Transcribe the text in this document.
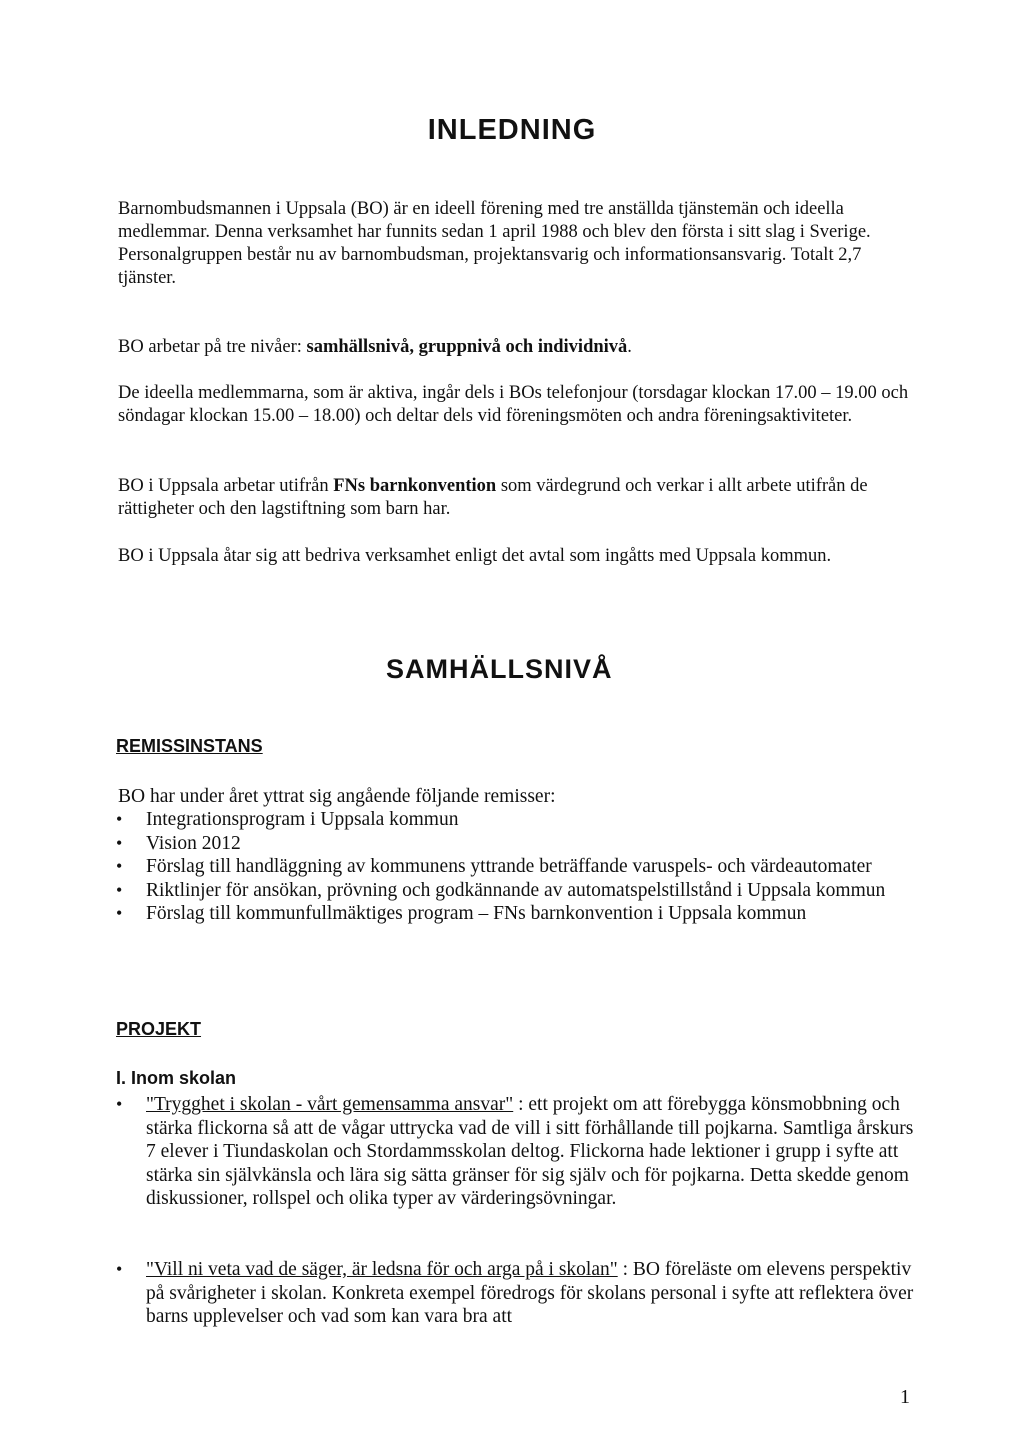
INLEDNING

Barnombudsmannen i Uppsala (BO) är en ideell förening med tre anställda tjänstemän och ideella medlemmar. Denna verksamhet har funnits sedan 1 april 1988 och blev den första i sitt slag i Sverige. Personalgruppen består nu av barnombudsman, projektansvarig och informationsansvarig. Totalt 2,7 tjänster.

BO arbetar på tre nivåer: samhällsnivå, gruppnivå och individnivå.

De ideella medlemmarna, som är aktiva, ingår dels i BOs telefonjour (torsdagar klockan 17.00 – 19.00 och söndagar klockan 15.00 – 18.00) och deltar dels vid föreningsmöten och andra föreningsaktiviteter.

BO i Uppsala arbetar utifrån FNs barnkonvention som värdegrund och verkar i allt arbete utifrån de rättigheter och den lagstiftning som barn har.

BO i Uppsala åtar sig att bedriva verksamhet enligt det avtal som ingåtts med Uppsala kommun.

SAMHÄLLSNIVÅ
REMISSINSTANS

BO har under året yttrat sig angående följande remisser:

• Integrationsprogram i Uppsala kommun
• Vision 2012
• Förslag till handläggning av kommunens yttrande beträffande varuspels- och värdeautomater
• Riktlinjer för ansökan, prövning och godkännande av automatspelstillstånd i Uppsala kommun
• Förslag till kommunfullmäktiges program – FNs barnkonvention i Uppsala kommun
PROJEKT
I. Inom skolan
• "Trygghet i skolan - vårt gemensamma ansvar" : ett projekt om att förebygga könsmobbning och stärka flickorna så att de vågar uttrycka vad de vill i sitt förhållande till pojkarna. Samtliga årskurs 7 elever i Tiundaskolan och Stordammsskolan deltog. Flickorna hade lektioner i grupp i syfte att stärka sin självkänsla och lära sig sätta gränser för sig själv och för pojkarna. Detta skedde genom diskussioner, rollspel och olika typer av värderingsövningar.
• "Vill ni veta vad de säger, är ledsna för och arga på i skolan" : BO föreläste om elevens perspektiv på svårigheter i skolan. Konkreta exempel föredrogs för skolans personal i syfte att reflektera över barns upplevelser och vad som kan vara bra att
1
